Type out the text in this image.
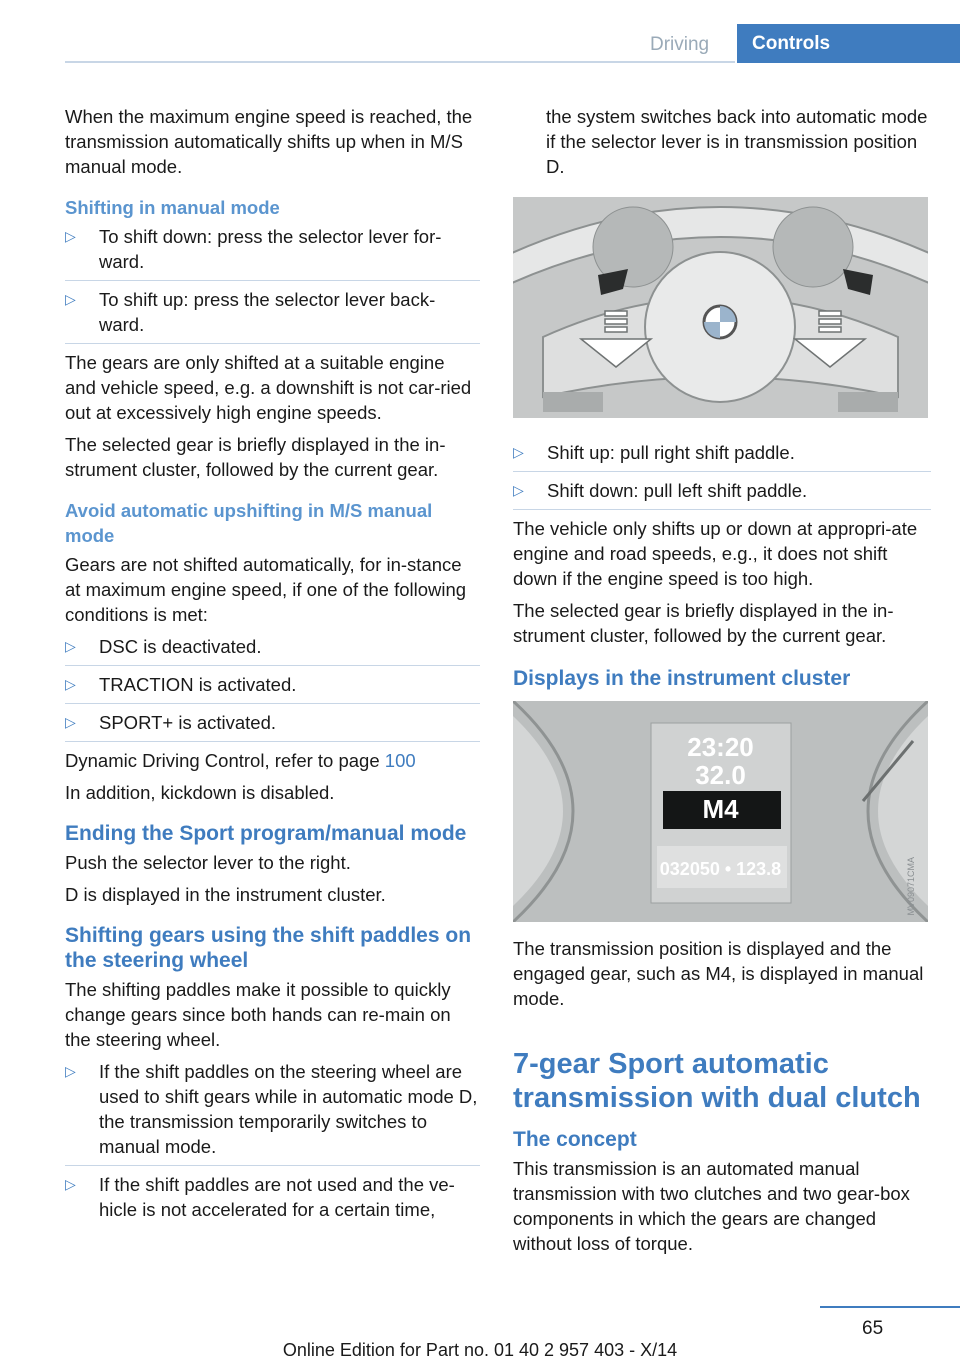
Driving	Controls

When the maximum engine speed is reached, the transmission automatically shifts up when in M/S manual mode.

Shifting in manual mode
▷ To shift down: press the selector lever for-ward.
▷ To shift up: press the selector lever back-ward.

The gears are only shifted at a suitable engine and vehicle speed, e.g. a downshift is not car-ried out at excessively high engine speeds.

The selected gear is briefly displayed in the in-strument cluster, followed by the current gear.

Avoid automatic upshifting in M/S manual mode

Gears are not shifted automatically, for in-stance at maximum engine speed, if one of the following conditions is met:

▷ DSC is deactivated.
▷ TRACTION is activated.
▷ SPORT+ is activated.

Dynamic Driving Control, refer to page 100

In addition, kickdown is disabled.

Ending the Sport program/manual mode

Push the selector lever to the right.

D is displayed in the instrument cluster.

Shifting gears using the shift paddles on the steering wheel

The shifting paddles make it possible to quickly change gears since both hands can re-main on the steering wheel.

▷ If the shift paddles on the steering wheel are used to shift gears while in automatic mode D, the transmission temporarily switches to manual mode.
▷ If the shift paddles are not used and the ve-hicle is not accelerated for a certain time,

the system switches back into automatic mode if the selector lever is in transmission position D.

▷ Shift up: pull right shift paddle.
▷ Shift down: pull left shift paddle.

The vehicle only shifts up or down at appropri-ate engine and road speeds, e.g., it does not shift down if the engine speed is too high.

The selected gear is briefly displayed in the in-strument cluster, followed by the current gear.

Displays in the instrument cluster
23:20
32.0
M4
032050 • 123.8	MV09071CMA

The transmission position is displayed and the engaged gear, such as M4, is displayed in manual mode.

7-gear Sport automatic transmission with dual clutch
The concept

This transmission is an automated manual transmission with two clutches and two gear-box components in which the gears are changed without loss of torque.

65
Online Edition for Part no. 01 40 2 957 403 - X/14
